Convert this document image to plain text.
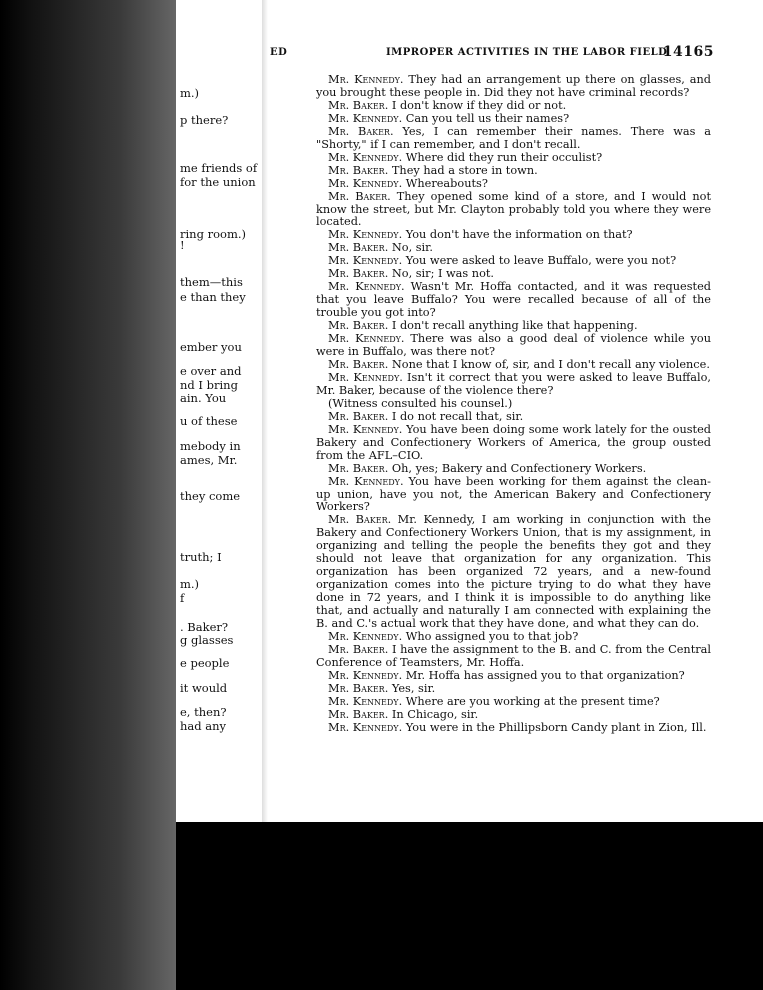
m.)
p there?
me friends of
for the union
ring room.)
!
them—this
e than they
ember you
e over and
nd I bring
ain. You
u of these
mebody in
ames, Mr.
they come
truth; I
m.)
f
. Baker?
g glasses
e people
it would
e, then?
had any
ED	IMPROPER ACTIVITIES IN THE LABOR FIELD
14165

Mr. Kennedy. They had an arrangement up there on glasses, and you brought these people in. Did they not have criminal records?

Mr. Baker. I don't know if they did or not.

Mr. Kennedy. Can you tell us their names?

Mr. Baker. Yes, I can remember their names. There was a "Shorty," if I can remember, and I don't recall.

Mr. Kennedy. Where did they run their occulist?

Mr. Baker. They had a store in town.

Mr. Kennedy. Whereabouts?

Mr. Baker. They opened some kind of a store, and I would not know the street, but Mr. Clayton probably told you where they were located.

Mr. Kennedy. You don't have the information on that?

Mr. Baker. No, sir.

Mr. Kennedy. You were asked to leave Buffalo, were you not?

Mr. Baker. No, sir; I was not.

Mr. Kennedy. Wasn't Mr. Hoffa contacted, and it was requested that you leave Buffalo? You were recalled because of all of the trouble you got into?

Mr. Baker. I don't recall anything like that happening.

Mr. Kennedy. There was also a good deal of violence while you were in Buffalo, was there not?

Mr. Baker. None that I know of, sir, and I don't recall any violence.

Mr. Kennedy. Isn't it correct that you were asked to leave Buffalo, Mr. Baker, because of the violence there?

(Witness consulted his counsel.)

Mr. Baker. I do not recall that, sir.

Mr. Kennedy. You have been doing some work lately for the ousted Bakery and Confectionery Workers of America, the group ousted from the AFL–CIO.

Mr. Baker. Oh, yes; Bakery and Confectionery Workers.

Mr. Kennedy. You have been working for them against the clean-up union, have you not, the American Bakery and Confectionery Workers?

Mr. Baker. Mr. Kennedy, I am working in conjunction with the Bakery and Confectionery Workers Union, that is my assignment, in organizing and telling the people the benefits they got and they should not leave that organization for any organization. This organization has been organized 72 years, and a new-found organization comes into the picture trying to do what they have done in 72 years, and I think it is impossible to do anything like that, and actually and naturally I am connected with explaining the B. and C.'s actual work that they have done, and what they can do.

Mr. Kennedy. Who assigned you to that job?

Mr. Baker. I have the assignment to the B. and C. from the Central Conference of Teamsters, Mr. Hoffa.

Mr. Kennedy. Mr. Hoffa has assigned you to that organization?

Mr. Baker. Yes, sir.

Mr. Kennedy. Where are you working at the present time?

Mr. Baker. In Chicago, sir.

Mr. Kennedy. You were in the Phillipsborn Candy plant in Zion, Ill.
